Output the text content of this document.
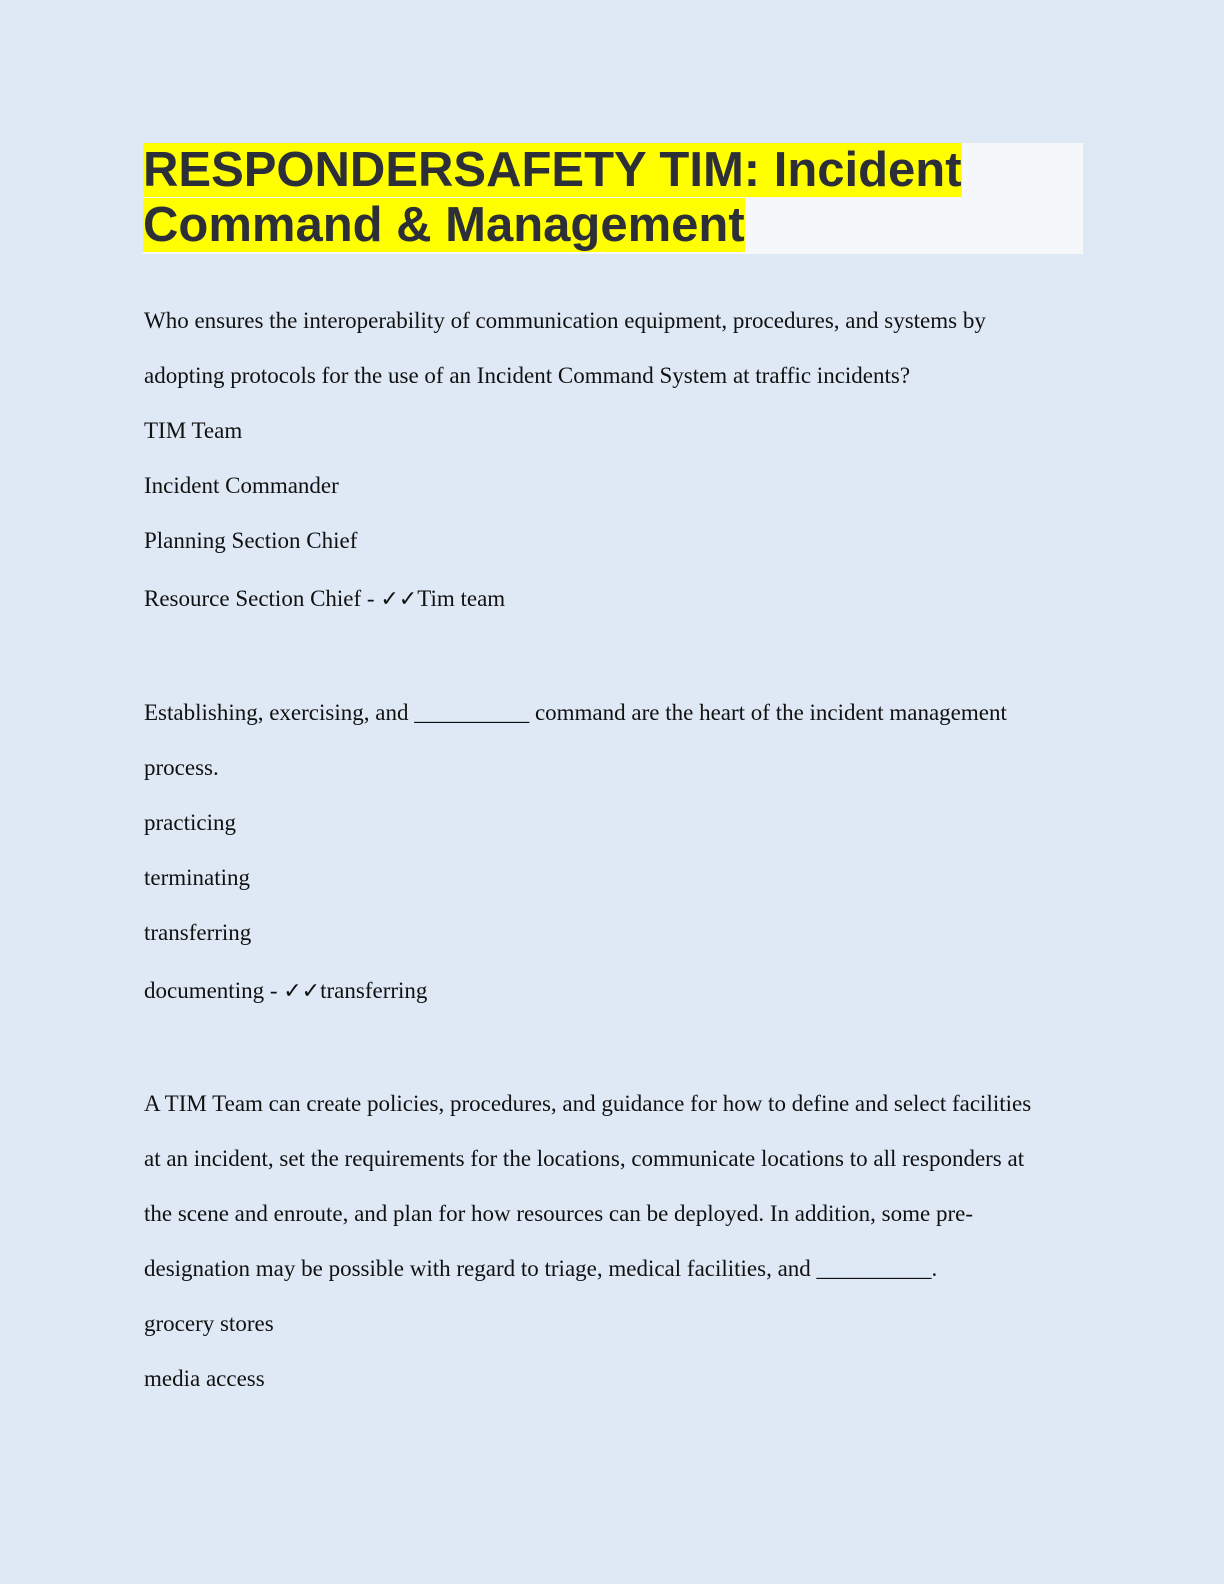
RESPONDERSAFETY TIM: Incident
Command & Management

Who ensures the interoperability of communication equipment, procedures, and systems by

adopting protocols for the use of an Incident Command System at traffic incidents?

TIM Team

Incident Commander

Planning Section Chief

Resource Section Chief - ✓✓Tim team

Establishing, exercising, and __________ command are the heart of the incident management

process.

practicing

terminating

transferring

documenting - ✓✓transferring

A TIM Team can create policies, procedures, and guidance for how to define and select facilities

at an incident, set the requirements for the locations, communicate locations to all responders at

the scene and enroute, and plan for how resources can be deployed. In addition, some pre-

designation may be possible with regard to triage, medical facilities, and __________.

grocery stores

media access
